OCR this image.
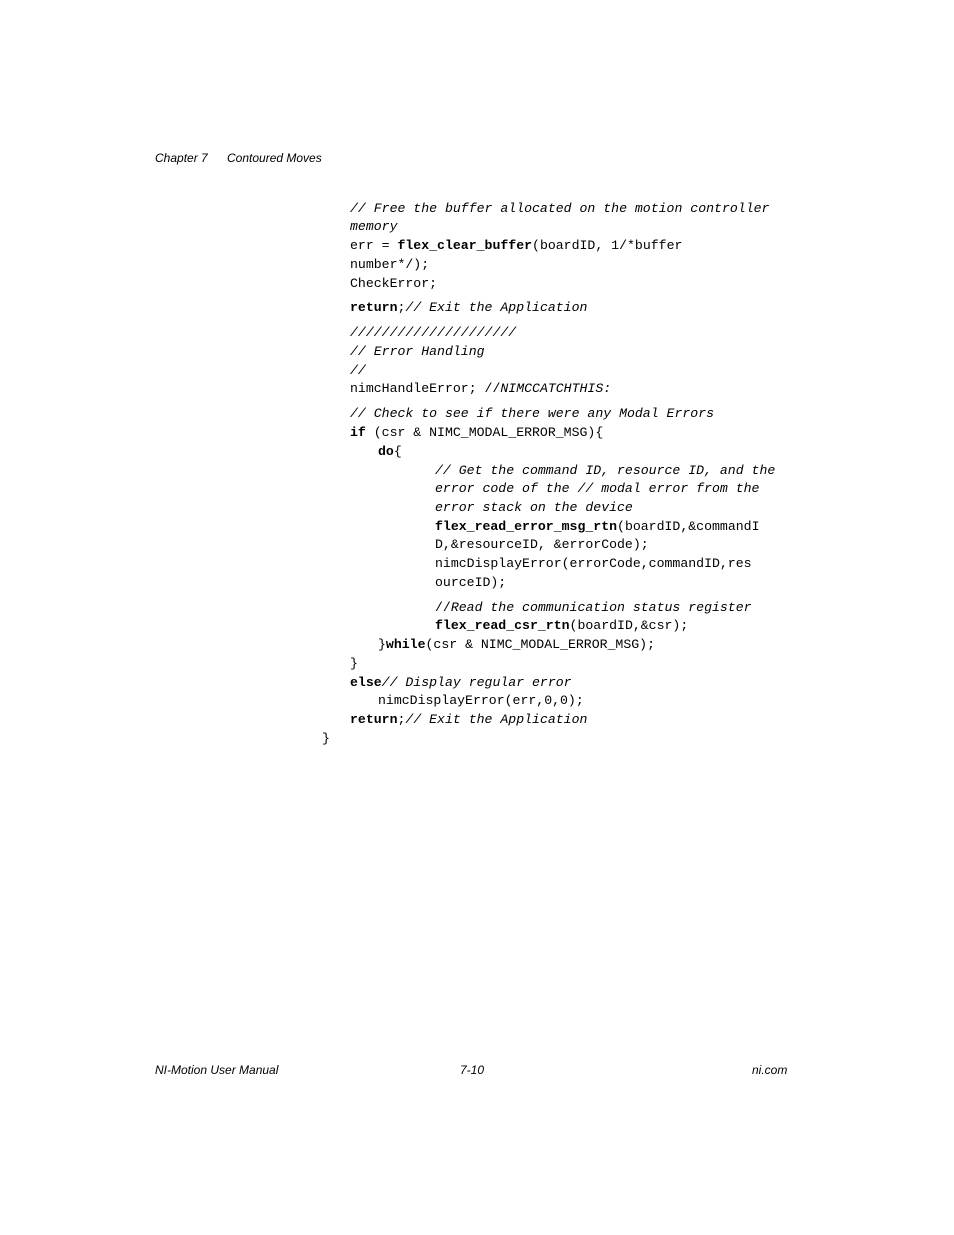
Chapter 7 Contoured Moves
// Free the buffer allocated on the motion controller
memory
err = flex_clear_buffer(boardID, 1/*buffer
number*/);
CheckError;
return;// Exit the Application
/////////////////////
// Error Handling
//
nimcHandleError; //NIMCCATCHTHIS:
// Check to see if there were any Modal Errors
if (csr & NIMC_MODAL_ERROR_MSG){
do{
// Get the command ID, resource ID, and the
error code of the // modal error from the
error stack on the device
flex_read_error_msg_rtn(boardID,&commandI
D,&resourceID, &errorCode);
nimcDisplayError(errorCode,commandID,res
ourceID);
//Read the communication status register
flex_read_csr_rtn(boardID,&csr);
}while(csr & NIMC_MODAL_ERROR_MSG);
}
else// Display regular error
nimcDisplayError(err,0,0);
return;// Exit the Application
}
NI-Motion User Manual	7-10	ni.com
